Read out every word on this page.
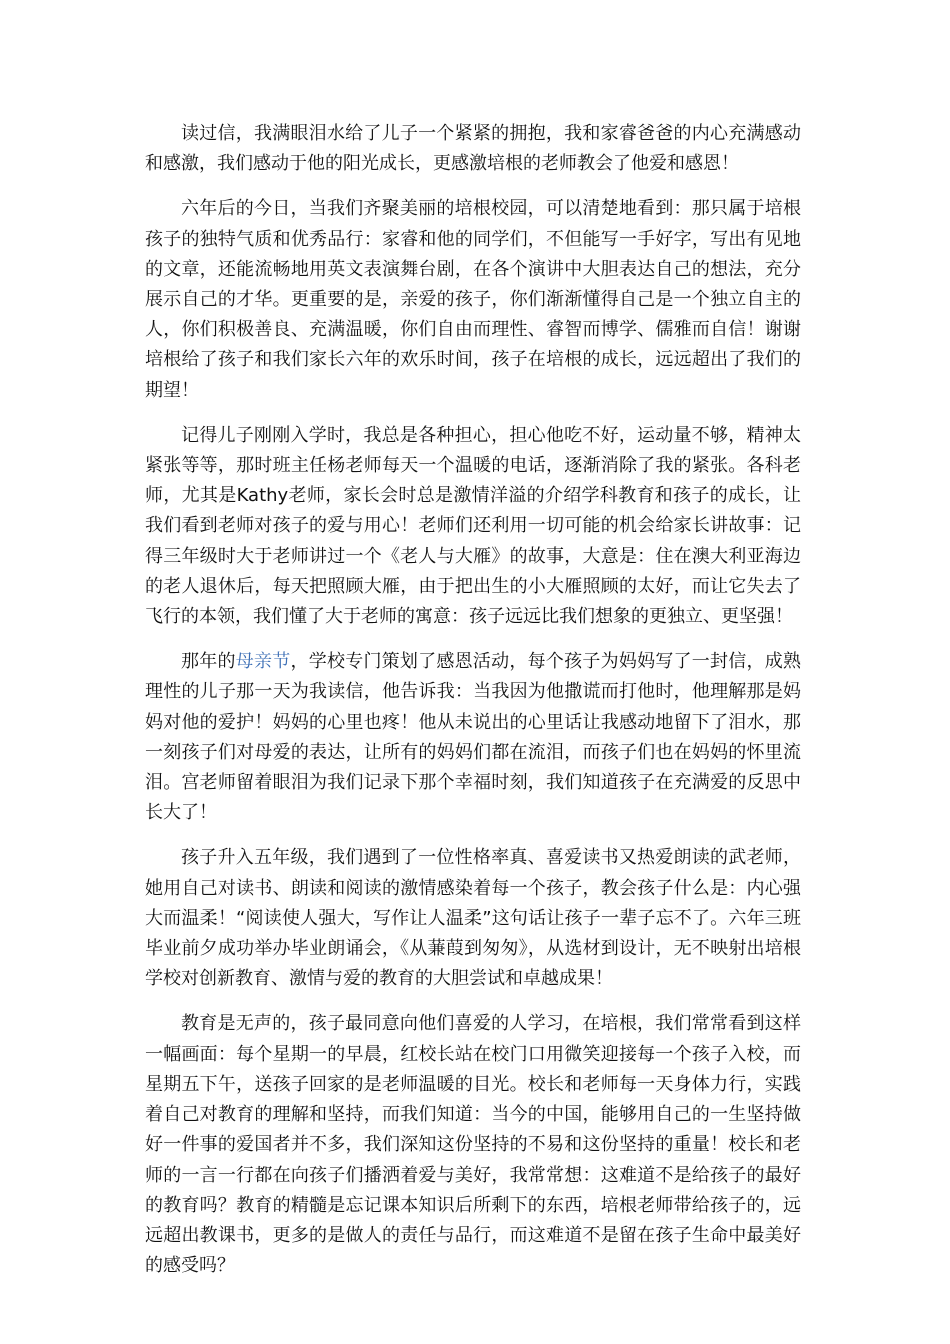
读过信，我满眼泪水给了儿子一个紧紧的拥抱，我和家睿爸爸的内心充满感动和感激，我们感动于他的阳光成长，更感激培根的老师教会了他爱和感恩！

六年后的今日，当我们齐聚美丽的培根校园，可以清楚地看到：那只属于培根孩子的独特气质和优秀品行：家睿和他的同学们，不但能写一手好字，写出有见地的文章，还能流畅地用英文表演舞台剧，在各个演讲中大胆表达自己的想法，充分展示自己的才华。更重要的是，亲爱的孩子，你们渐渐懂得自己是一个独立自主的人，你们积极善良、充满温暖，你们自由而理性、睿智而博学、儒雅而自信！谢谢培根给了孩子和我们家长六年的欢乐时间，孩子在培根的成长，远远超出了我们的期望！

记得儿子刚刚入学时，我总是各种担心，担心他吃不好，运动量不够，精神太紧张等等，那时班主任杨老师每天一个温暖的电话，逐渐消除了我的紧张。各科老师，尤其是Kathy老师，家长会时总是激情洋溢的介绍学科教育和孩子的成长，让我们看到老师对孩子的爱与用心！老师们还利用一切可能的机会给家长讲故事：记得三年级时大于老师讲过一个《老人与大雁》的故事，大意是：住在澳大利亚海边的老人退休后，每天把照顾大雁，由于把出生的小大雁照顾的太好，而让它失去了飞行的本领，我们懂了大于老师的寓意：孩子远远比我们想象的更独立、更坚强！

那年的母亲节，学校专门策划了感恩活动，每个孩子为妈妈写了一封信，成熟理性的儿子那一天为我读信，他告诉我：当我因为他撒谎而打他时，他理解那是妈妈对他的爱护！妈妈的心里也疼！他从未说出的心里话让我感动地留下了泪水，那一刻孩子们对母爱的表达，让所有的妈妈们都在流泪，而孩子们也在妈妈的怀里流泪。宫老师留着眼泪为我们记录下那个幸福时刻，我们知道孩子在充满爱的反思中长大了！

孩子升入五年级，我们遇到了一位性格率真、喜爱读书又热爱朗读的武老师，她用自己对读书、朗读和阅读的激情感染着每一个孩子，教会孩子什么是：内心强大而温柔！“阅读使人强大，写作让人温柔”这句话让孩子一辈子忘不了。六年三班毕业前夕成功举办毕业朗诵会，《从蒹葭到匆匆》，从选材到设计，无不映射出培根学校对创新教育、激情与爱的教育的大胆尝试和卓越成果！

教育是无声的，孩子最同意向他们喜爱的人学习，在培根，我们常常看到这样一幅画面：每个星期一的早晨，红校长站在校门口用微笑迎接每一个孩子入校，而星期五下午，送孩子回家的是老师温暖的目光。校长和老师每一天身体力行，实践着自己对教育的理解和坚持，而我们知道：当今的中国，能够用自己的一生坚持做好一件事的爱国者并不多，我们深知这份坚持的不易和这份坚持的重量！校长和老师的一言一行都在向孩子们播洒着爱与美好，我常常想：这难道不是给孩子的最好的教育吗？教育的精髓是忘记课本知识后所剩下的东西，培根老师带给孩子的，远远超出教课书，更多的是做人的责任与品行，而这难道不是留在孩子生命中最美好的感受吗？
